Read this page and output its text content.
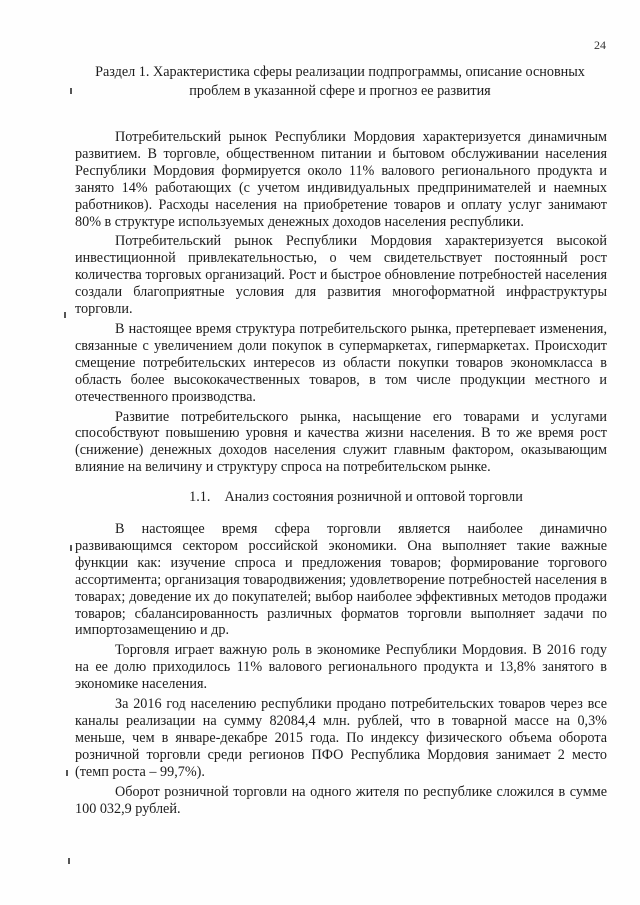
24
Раздел 1. Характеристика сферы реализации подпрограммы, описание основных проблем в указанной сфере и прогноз ее развития

Потребительский рынок Республики Мордовия характеризуется динамичным развитием. В торговле, общественном питании и бытовом обслуживании населения Республики Мордовия формируется около 11% валового регионального продукта и занято 14% работающих (с учетом индивидуальных предпринимателей и наемных работников). Расходы населения на приобретение товаров и оплату услуг занимают 80% в структуре используемых денежных доходов населения республики.

Потребительский рынок Республики Мордовия характеризуется высокой инвестиционной привлекательностью, о чем свидетельствует постоянный рост количества торговых организаций. Рост и быстрое обновление потребностей населения создали благоприятные условия для развития многоформатной инфраструктуры торговли.

В настоящее время структура потребительского рынка, претерпевает изменения, связанные с увеличением доли покупок в супермаркетах, гипермаркетах. Происходит смещение потребительских интересов из области покупки товаров экономкласса в область более высококачественных товаров, в том числе продукции местного и отечественного производства.

Развитие потребительского рынка, насыщение его товарами и услугами способствуют повышению уровня и качества жизни населения. В то же время рост (снижение) денежных доходов населения служит главным фактором, оказывающим влияние на величину и структуру спроса на потребительском рынке.

1.1. Анализ состояния розничной и оптовой торговли

В настоящее время сфера торговли является наиболее динамично развивающимся сектором российской экономики. Она выполняет такие важные функции как: изучение спроса и предложения товаров; формирование торгового ассортимента; организация товародвижения; удовлетворение потребностей населения в товарах; доведение их до покупателей; выбор наиболее эффективных методов продажи товаров; сбалансированность различных форматов торговли выполняет задачи по импортозамещению и др.

Торговля играет важную роль в экономике Республики Мордовия. В 2016 году на ее долю приходилось 11% валового регионального продукта и 13,8% занятого в экономике населения.

За 2016 год населению республики продано потребительских товаров через все каналы реализации на сумму 82084,4 млн. рублей, что в товарной массе на 0,3% меньше, чем в январе-декабре 2015 года. По индексу физического объема оборота розничной торговли среди регионов ПФО Республика Мордовия занимает 2 место (темп роста – 99,7%).

Оборот розничной торговли на одного жителя по республике сложился в сумме 100 032,9 рублей.
